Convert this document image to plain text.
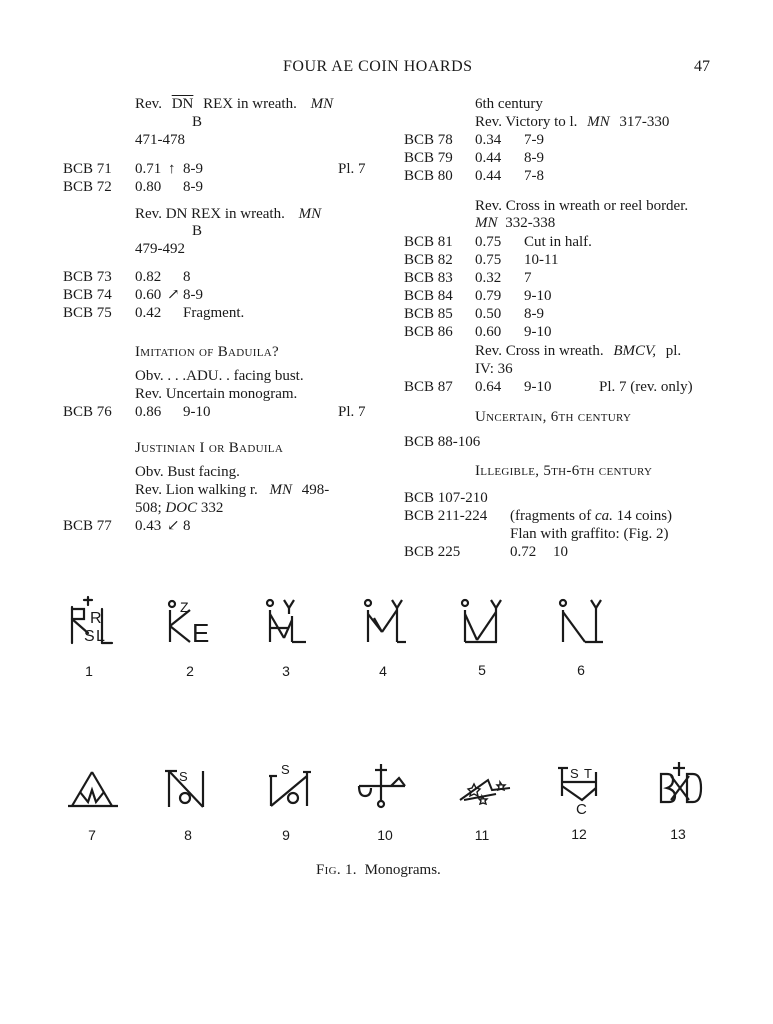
FOUR AE COIN HOARDS	47
Rev. $\overline{DN}$ REX in wreath. MN
B
471-478
BCB 71 0.71 ↑ 8-9	Pl. 7
BCB 72 0.80 8-9
Rev. DN REX in wreath. MN
B
479-492
BCB 73 0.82 8
BCB 74 0.60 ↗ 8-9
BCB 75 0.42 Fragment.
Imitation of Baduila?
Obv. . . .ADU. . facing bust.
Rev. Uncertain monogram.
BCB 76 0.86 9-10	Pl. 7
Justinian I or Baduila
Obv. Bust facing.
Rev. Lion walking r. MN 498-
508; DOC 332
BCB 77 0.43 ↙ 8
6th century
Rev. Victory to l. MN 317-330
BCB 78 0.34 7-9
BCB 79 0.44 8-9
BCB 80 0.44 7-8
Rev. Cross in wreath or reel border.
MN 332-338
BCB 81 0.75 Cut in half.
BCB 82 0.75 10-11
BCB 83 0.32 7
BCB 84 0.79 9-10
BCB 85 0.50 8-9
BCB 86 0.60 9-10
Rev. Cross in wreath. BMCV, pl.
IV: 36
BCB 87 0.64 9-10	Pl. 7 (rev. only)
Uncertain, 6th century
BCB 88-106
Illegible, 5th-6th century
BCB 107-210
BCB 211-224 (fragments of ca. 14 coins)
Flan with graffito: (Fig. 2)
BCB 225	0.72 10
S
R
L
Z
E
1	2	3	4	5	6
S	S	S T
C
7	8	9	10	11	12	13
Fig. 1. Monograms.
